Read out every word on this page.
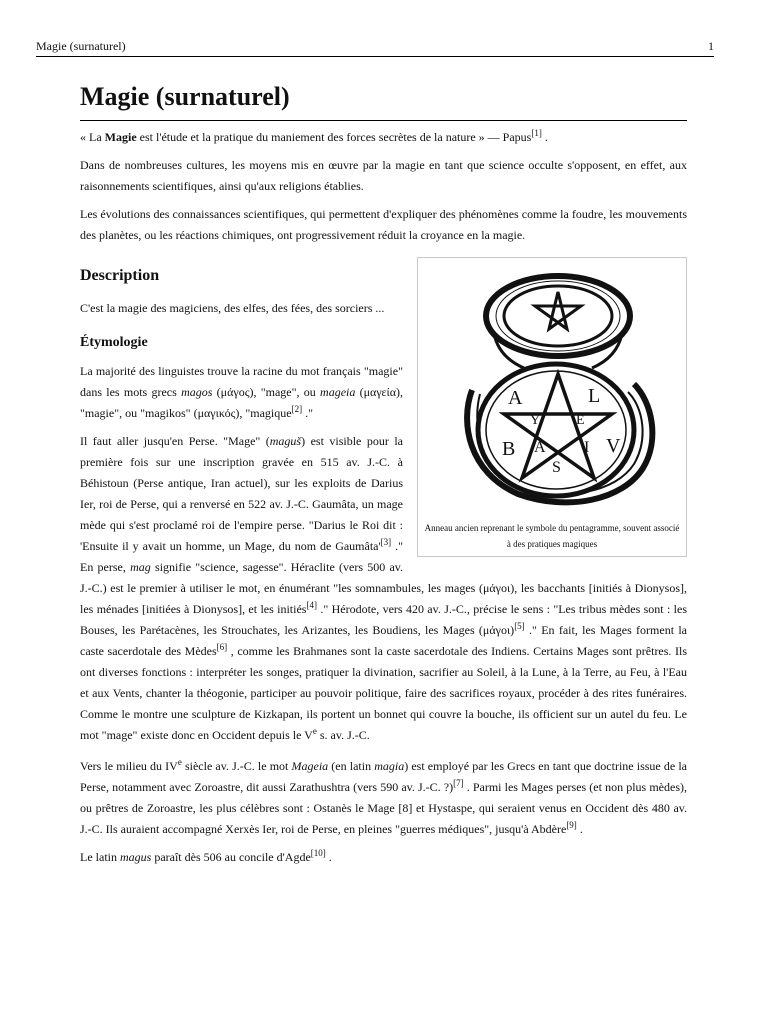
Magie (surnaturel)	1
Magie (surnaturel)

« La Magie est l'étude et la pratique du maniement des forces secrètes de la nature » — Papus[1] .

Dans de nombreuses cultures, les moyens mis en œuvre par la magie en tant que science occulte s'opposent, en effet, aux raisonnements scientifiques, ainsi qu'aux religions établies.

Les évolutions des connaissances scientifiques, qui permettent d'expliquer des phénomènes comme la foudre, les mouvements des planètes, ou les réactions chimiques, ont progressivement réduit la croyance en la magie.

A	L
Y	E
B A I V
S
Anneau ancien reprenant le symbole du pentagramme, souvent associé à des pratiques magiques
Description

C'est la magie des magiciens, des elfes, des fées, des sorciers ...

Étymologie

La majorité des linguistes trouve la racine du mot français "magie" dans les mots grecs magos (μάγος), "mage", ou mageia (μαγεία), "magie", ou "magikos" (μαγικός), "magique[2] ."

Il faut aller jusqu'en Perse. "Mage" (maguš) est visible pour la première fois sur une inscription gravée en 515 av. J.-C. à Béhistoun (Perse antique, Iran actuel), sur les exploits de Darius Ier, roi de Perse, qui a renversé en 522 av. J.-C. Gaumâta, un mage mède qui s'est proclamé roi de l'empire perse. "Darius le Roi dit : 'Ensuite il y avait un homme, un Mage, du nom de Gaumâta'[3] ." En perse, mag signifie "science, sagesse". Héraclite (vers 500 av. J.-C.) est le premier à utiliser le mot, en énumérant "les somnambules, les mages (μάγοι), les bacchants [initiés à Dionysos], les ménades [initiées à Dionysos], et les initiés[4] ." Hérodote, vers 420 av. J.-C., précise le sens : "Les tribus mèdes sont : les Bouses, les Parétacènes, les Strouchates, les Arizantes, les Boudiens, les Mages (μάγοι)[5] ." En fait, les Mages forment la caste sacerdotale des Mèdes[6] , comme les Brahmanes sont la caste sacerdotale des Indiens. Certains Mages sont prêtres. Ils ont diverses fonctions : interpréter les songes, pratiquer la divination, sacrifier au Soleil, à la Lune, à la Terre, au Feu, à l'Eau et aux Vents, chanter la théogonie, participer au pouvoir politique, faire des sacrifices royaux, procéder à des rites funéraires. Comme le montre une sculpture de Kizkapan, ils portent un bonnet qui couvre la bouche, ils officient sur un autel du feu. Le mot "mage" existe donc en Occident depuis le Ve s. av. J.-C.

Vers le milieu du IVe siècle av. J.-C. le mot Mageia (en latin magia) est employé par les Grecs en tant que doctrine issue de la Perse, notamment avec Zoroastre, dit aussi Zarathushtra (vers 590 av. J.-C. ?)[7] . Parmi les Mages perses (et non plus mèdes), ou prêtres de Zoroastre, les plus célèbres sont : Ostanès le Mage [8] et Hystaspe, qui seraient venus en Occident dès 480 av. J.-C. Ils auraient accompagné Xerxès Ier, roi de Perse, en pleines "guerres médiques", jusqu'à Abdère[9] .

Le latin magus paraît dès 506 au concile d'Agde[10] .
